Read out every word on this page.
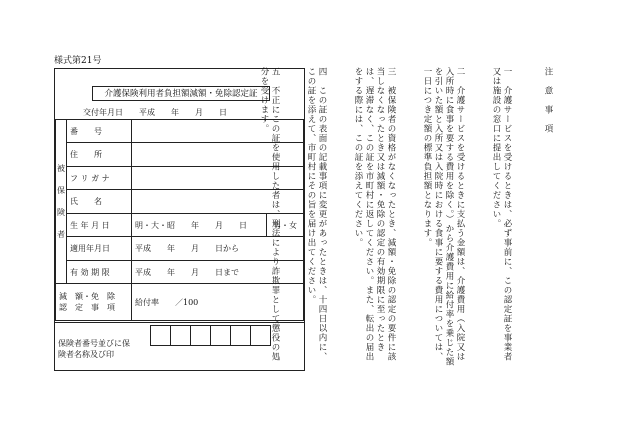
様式第21号
介護保険利用者負担額減額・免除認定証
交付年月日　　平成　　年　　月　　日
被
保
険
者	番　　号		
	住　　所		
	フ リ ガ ナ		
	氏　　名		
	生 年 月 日	明・大・昭　　年　　月　　日	男・女
	適用年月日	平成　　年　　月　　日から	
	有 効 期 限	平成　　年　　月　　日まで	
減　額・免　除
認　定　事　項		給付率　　／100	
保険者番号並びに保険者名称及び印

注　意　事　項

一　介護サービスを受けるときは、必ず事前に、この認定証を事業者又は施設の窓口に提出してください。

二　介護サービスを受けるときに支払う金額は、介護費用（入院又は入所時に食事を要する費用を除く。）から介護費用に給付率を乗じた額を引いた額と入所又は入院時における食事に要する費用については、一日につき定額の標準負担額となります。

三　被保険者の資格がなくなったとき、減額・免除の認定の要件に該当しなくなったとき又は減額・免除の認定の有効期限に至ったときは、遅滞なく、この証を市町村に返してください。また、転出の届出をする際には、この証を添えてください。

四　この証の表面の記載事項に変更があったときは、十四日以内に、この証を添えて、市町村にその旨を届け出てください。

五　不正にこの証を使用した者は、刑法により詐欺罪として懲役の処分を受けます。
